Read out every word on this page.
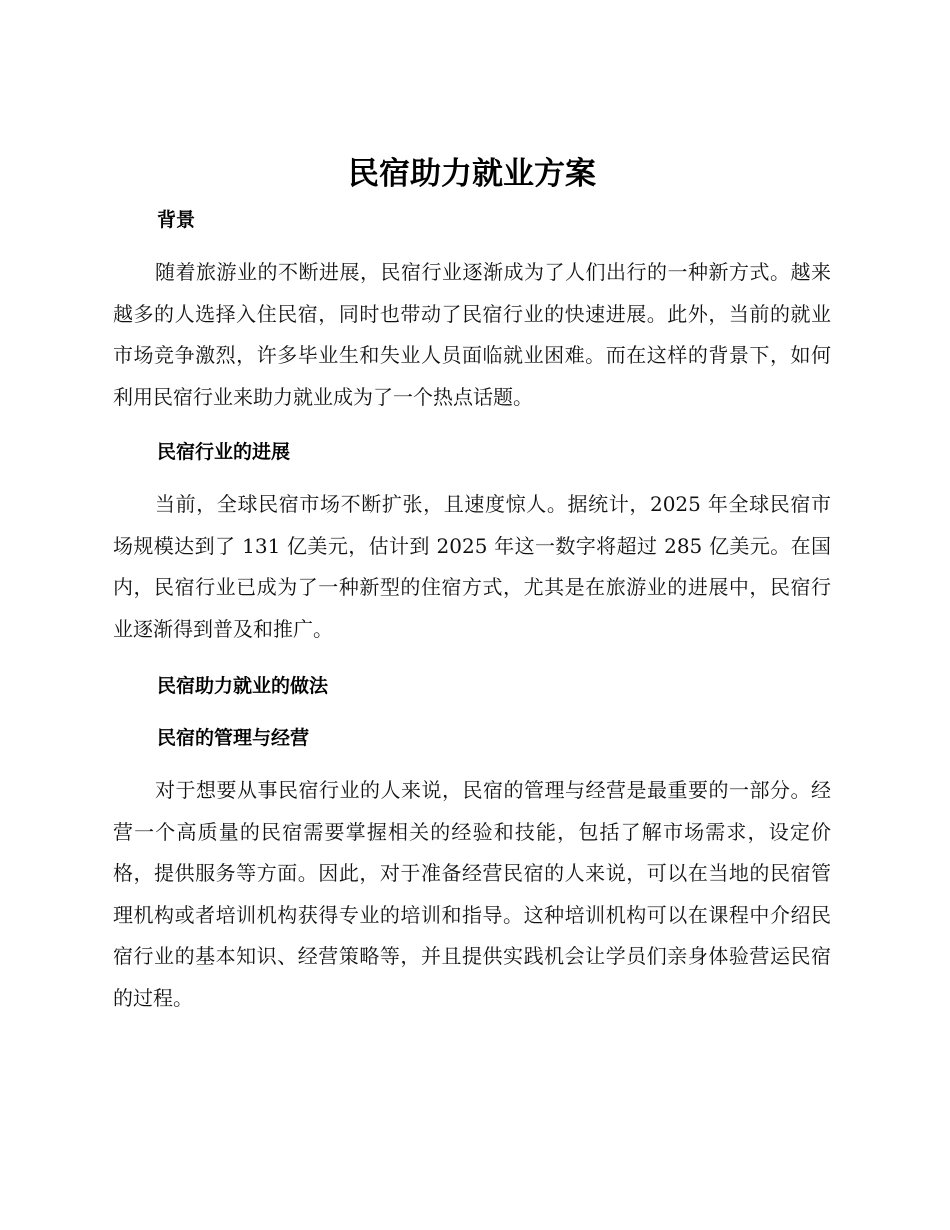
民宿助力就业方案
背景

随着旅游业的不断进展，民宿行业逐渐成为了人们出行的一种新方式。越来越多的人选择入住民宿，同时也带动了民宿行业的快速进展。此外，当前的就业市场竞争激烈，许多毕业生和失业人员面临就业困难。而在这样的背景下，如何利用民宿行业来助力就业成为了一个热点话题。

民宿行业的进展

当前，全球民宿市场不断扩张，且速度惊人。据统计，2025 年全球民宿市场规模达到了 131 亿美元，估计到 2025 年这一数字将超过 285 亿美元。在国内，民宿行业已成为了一种新型的住宿方式，尤其是在旅游业的进展中，民宿行业逐渐得到普及和推广。

民宿助力就业的做法
民宿的管理与经营

对于想要从事民宿行业的人来说，民宿的管理与经营是最重要的一部分。经营一个高质量的民宿需要掌握相关的经验和技能，包括了解市场需求，设定价格，提供服务等方面。因此，对于准备经营民宿的人来说，可以在当地的民宿管理机构或者培训机构获得专业的培训和指导。这种培训机构可以在课程中介绍民宿行业的基本知识、经营策略等，并且提供实践机会让学员们亲身体验营运民宿的过程。
